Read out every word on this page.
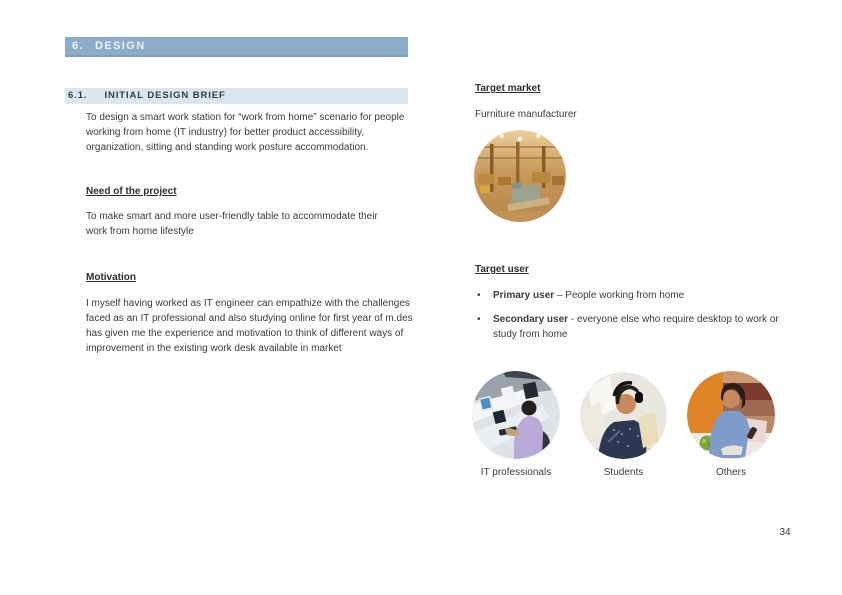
6. DESIGN
6.1. INITIAL DESIGN BRIEF

To design a smart work station for “work from home” scenario for people working from home (IT industry) for better product accessibility, organization, sitting and standing work posture accommodation.

Need of the project

To make smart and more user-friendly table to accommodate their work from home lifestyle

Motivation

I myself having worked as IT engineer can empathize with the challenges faced as an IT professional and also studying online for first year of m.des has given me the experience and motivation to think of different ways of improvement in the existing work desk available in market

Target market

Furniture manufacturer

Target user
• Primary user – People working from home
• Secondary user - everyone else who require desktop to work or study from home
IT professionals	Students	Others
34
